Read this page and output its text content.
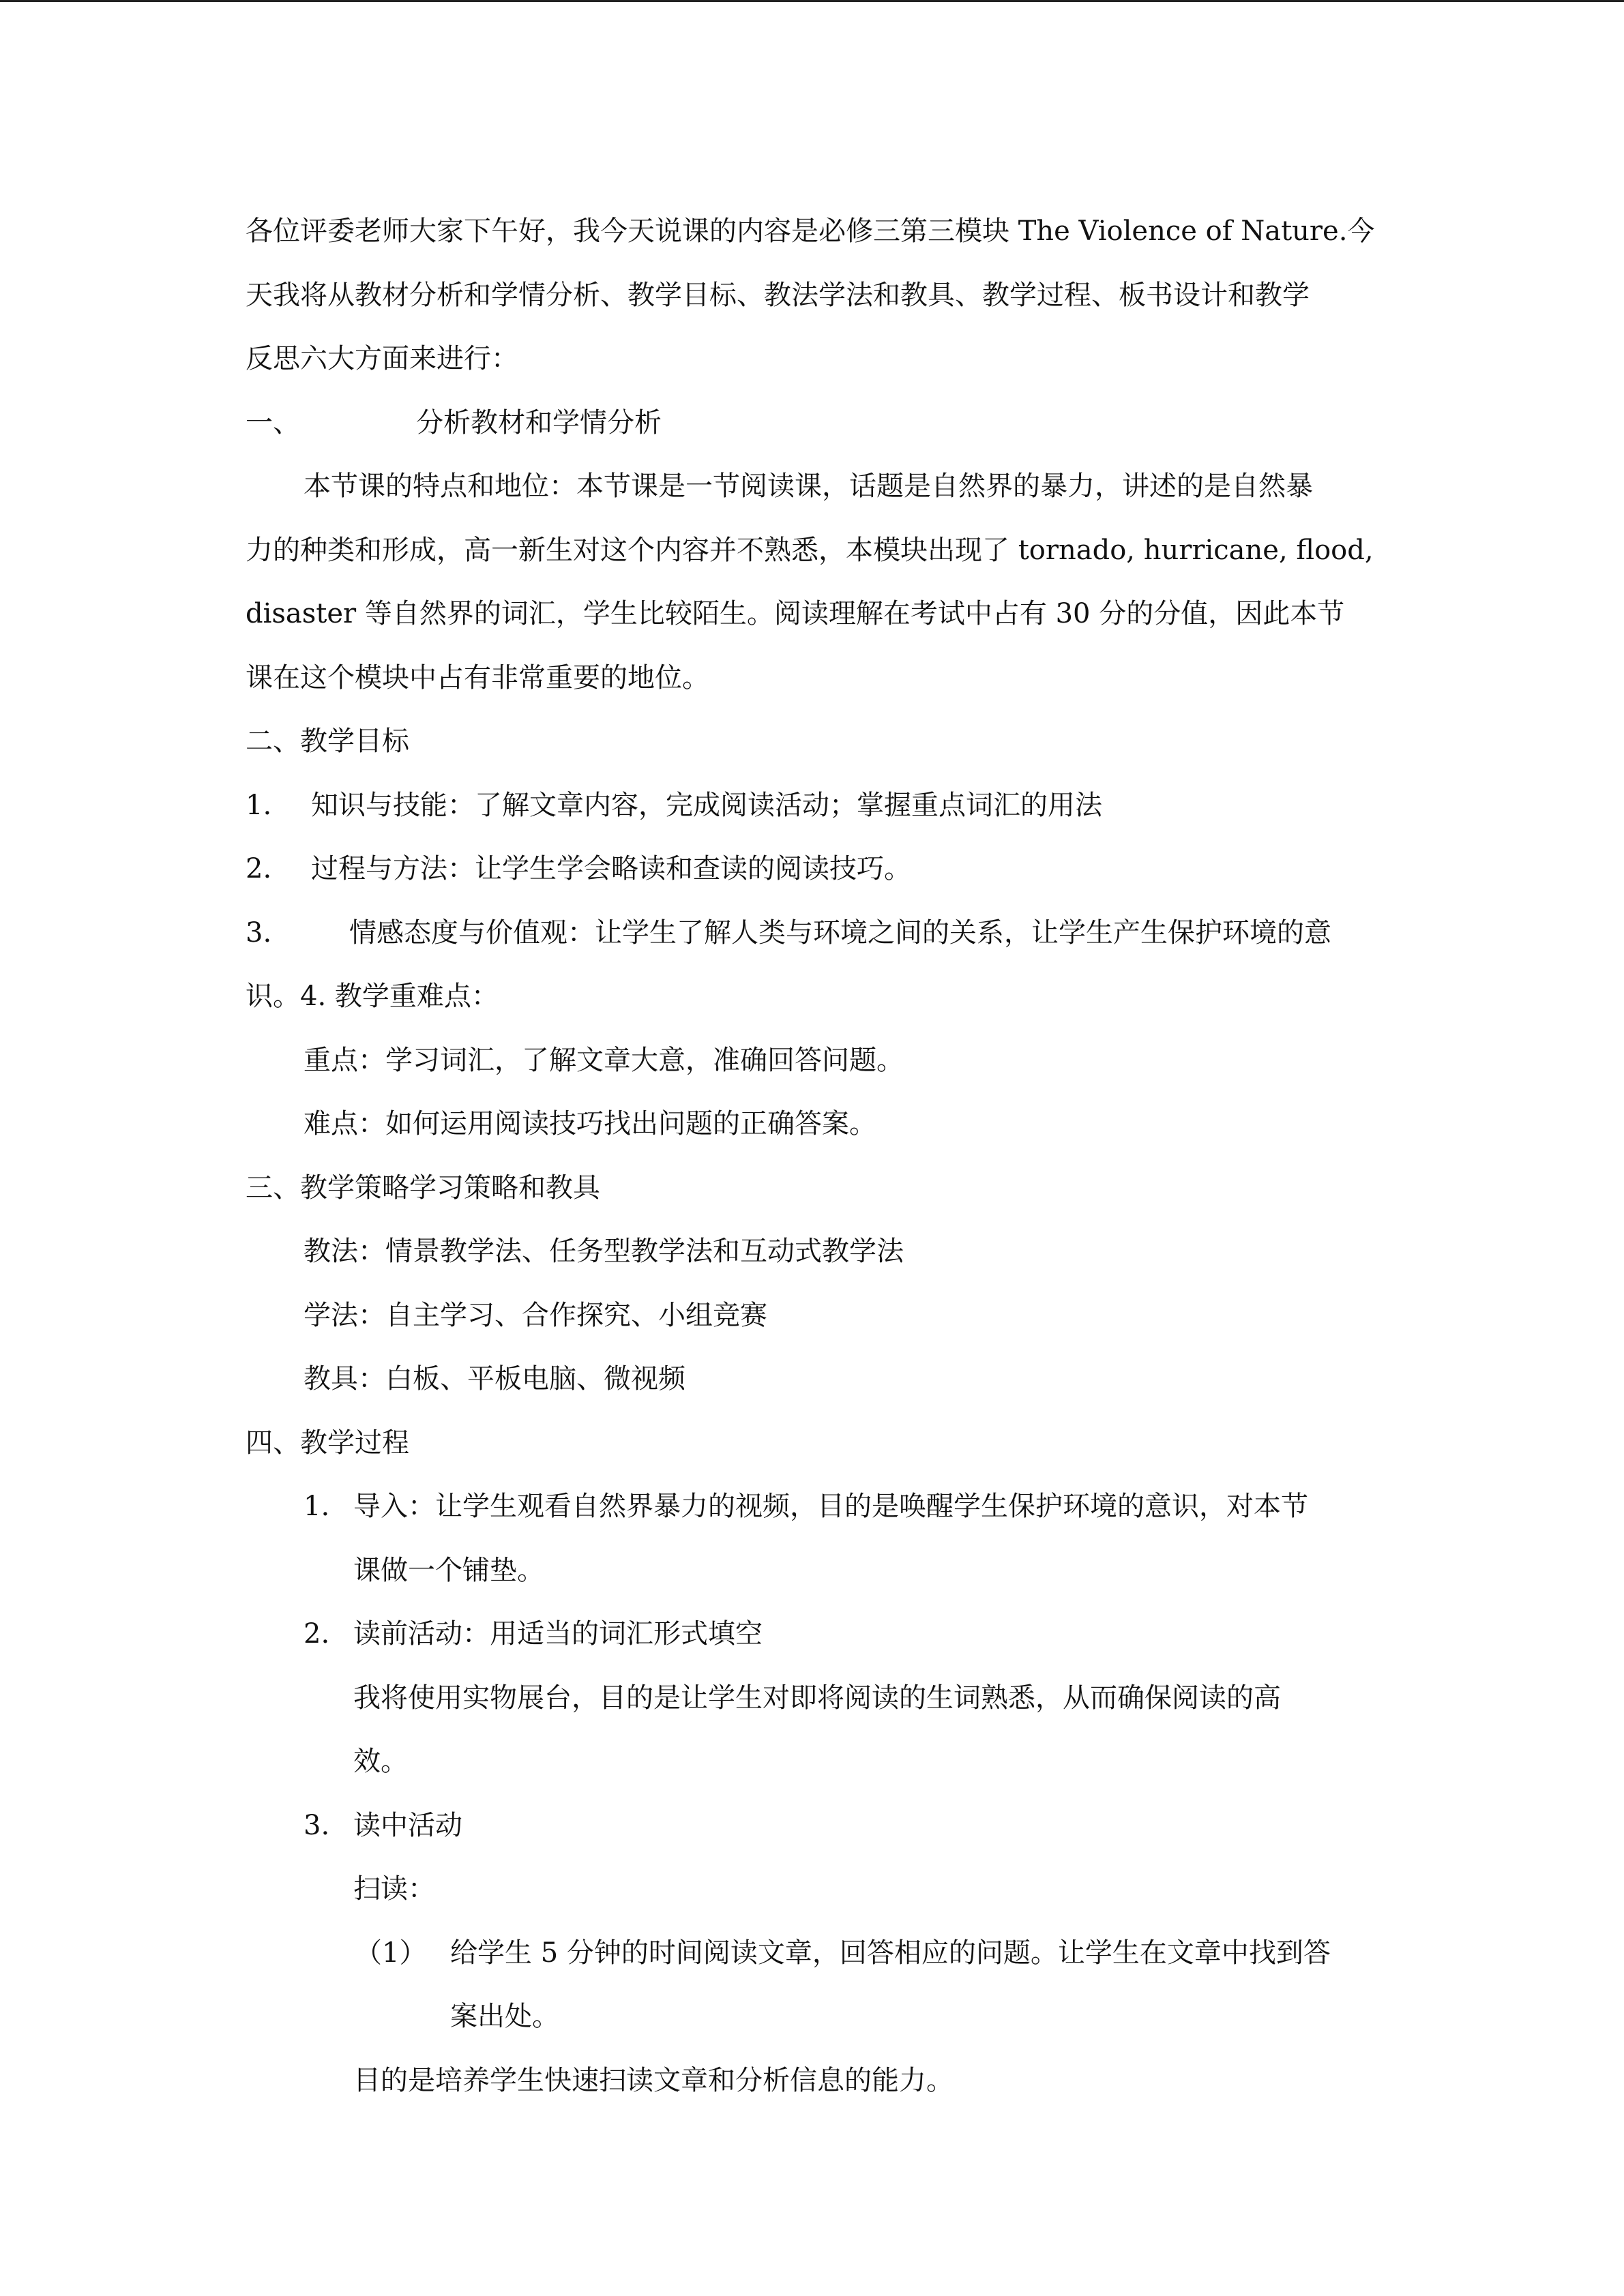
各位评委老师大家下午好，我今天说课的内容是必修三第三模块 The Violence of Nature.今
天我将从教材分析和学情分析、教学目标、教法学法和教具、教学过程、板书设计和教学
反思六大方面来进行：
一、	分析教材和学情分析
本节课的特点和地位：本节课是一节阅读课，话题是自然界的暴力，讲述的是自然暴
力的种类和形成，高一新生对这个内容并不熟悉，本模块出现了 tornado, hurricane, flood,
disaster 等自然界的词汇，学生比较陌生。阅读理解在考试中占有 30 分的分值，因此本节
课在这个模块中占有非常重要的地位。
二、教学目标
1. 知识与技能：了解文章内容，完成阅读活动；掌握重点词汇的用法
2. 过程与方法：让学生学会略读和查读的阅读技巧。
3.	情感态度与价值观：让学生了解人类与环境之间的关系，让学生产生保护环境的意
识。4. 教学重难点：
重点：学习词汇，了解文章大意，准确回答问题。
难点：如何运用阅读技巧找出问题的正确答案。
三、教学策略学习策略和教具
教法：情景教学法、任务型教学法和互动式教学法
学法：自主学习、合作探究、小组竞赛
教具：白板、平板电脑、微视频
四、教学过程
1. 导入：让学生观看自然界暴力的视频，目的是唤醒学生保护环境的意识，对本节
课做一个铺垫。
2. 读前活动：用适当的词汇形式填空
我将使用实物展台，目的是让学生对即将阅读的生词熟悉，从而确保阅读的高
效。
3. 读中活动
扫读：
（1） 给学生 5 分钟的时间阅读文章，回答相应的问题。让学生在文章中找到答
案出处。
目的是培养学生快速扫读文章和分析信息的能力。
